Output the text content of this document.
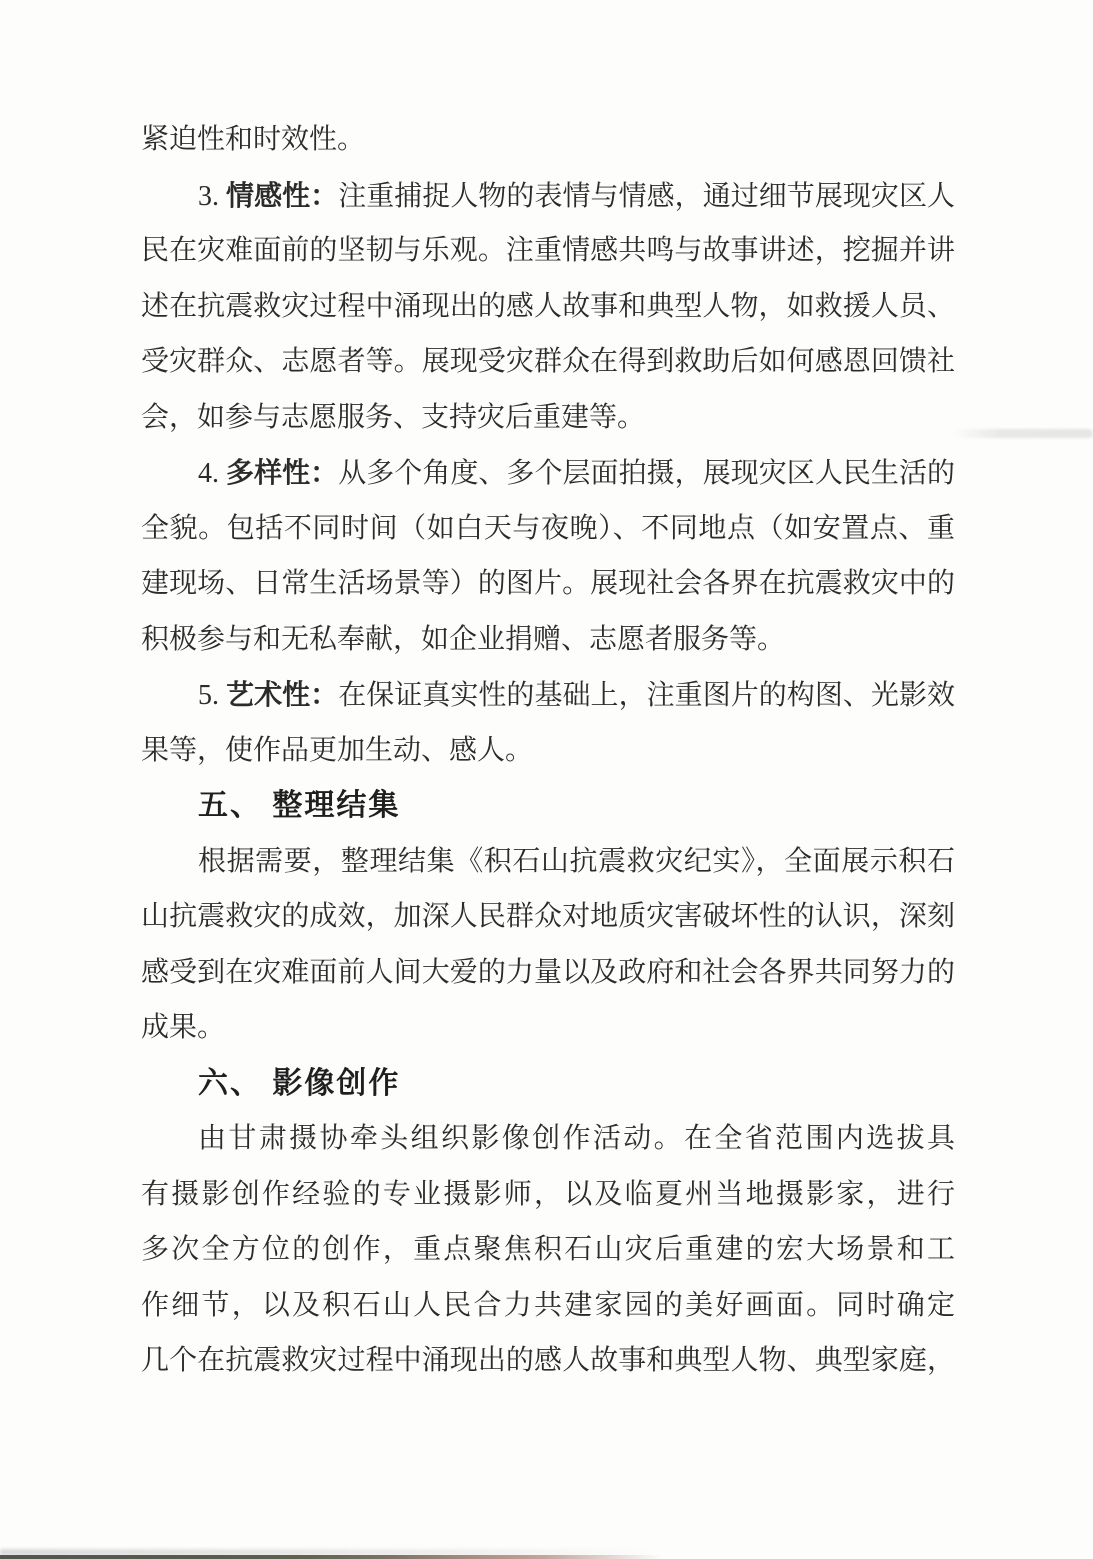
紧迫性和时效性。
3. 情感性：注重捕捉人物的表情与情感，通过细节展现灾区人
民在灾难面前的坚韧与乐观。注重情感共鸣与故事讲述，挖掘并讲
述在抗震救灾过程中涌现出的感人故事和典型人物，如救援人员、
受灾群众、志愿者等。展现受灾群众在得到救助后如何感恩回馈社
会，如参与志愿服务、支持灾后重建等。
4. 多样性：从多个角度、多个层面拍摄，展现灾区人民生活的
全貌。包括不同时间（如白天与夜晚）、不同地点（如安置点、重
建现场、日常生活场景等）的图片。展现社会各界在抗震救灾中的
积极参与和无私奉献，如企业捐赠、志愿者服务等。
5. 艺术性：在保证真实性的基础上，注重图片的构图、光影效
果等，使作品更加生动、感人。
五、 整理结集
根据需要，整理结集《积石山抗震救灾纪实》，全面展示积石
山抗震救灾的成效，加深人民群众对地质灾害破坏性的认识，深刻
感受到在灾难面前人间大爱的力量以及政府和社会各界共同努力的
成果。
六、 影像创作
由甘肃摄协牵头组织影像创作活动。在全省范围内选拔具
有摄影创作经验的专业摄影师，以及临夏州当地摄影家，进行
多次全方位的创作，重点聚焦积石山灾后重建的宏大场景和工
作细节，以及积石山人民合力共建家园的美好画面。同时确定
几个在抗震救灾过程中涌现出的感人故事和典型人物、典型家庭，
